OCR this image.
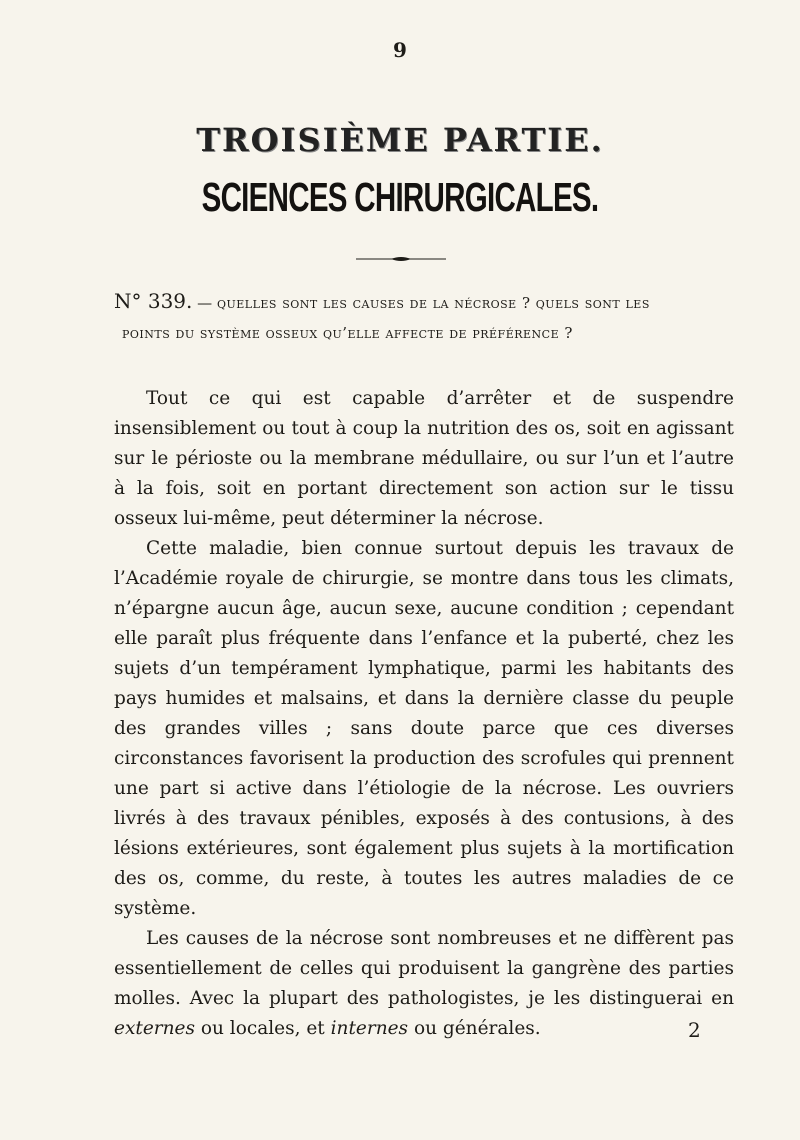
9
TROISIÈME PARTIE.
SCIENCES CHIRURGICALES.
N° 339. — quelles sont les causes de la nécrose ? quels sont les
points du système osseux qu’elle affecte de préférence ?

Tout ce qui est capable d’arrêter et de suspendre insensiblement ou tout à coup la nutrition des os, soit en agissant sur le périoste ou la membrane médullaire, ou sur l’un et l’autre à la fois, soit en portant directement son action sur le tissu osseux lui-même, peut déterminer la nécrose.

Cette maladie, bien connue surtout depuis les travaux de l’Académie royale de chirurgie, se montre dans tous les climats, n’épargne aucun âge, aucun sexe, aucune condition ; cependant elle paraît plus fréquente dans l’enfance et la puberté, chez les sujets d’un tempérament lymphatique, parmi les habitants des pays humides et malsains, et dans la dernière classe du peuple des grandes villes ; sans doute parce que ces diverses circonstances favorisent la production des scrofules qui prennent une part si active dans l’étiologie de la nécrose. Les ouvriers livrés à des travaux pénibles, exposés à des contusions, à des lésions extérieures, sont également plus sujets à la mortification des os, comme, du reste, à toutes les autres maladies de ce système.

Les causes de la nécrose sont nombreuses et ne diffèrent pas essentiellement de celles qui produisent la gangrène des parties molles. Avec la plupart des pathologistes, je les distinguerai en externes ou locales, et internes ou générales.	2
